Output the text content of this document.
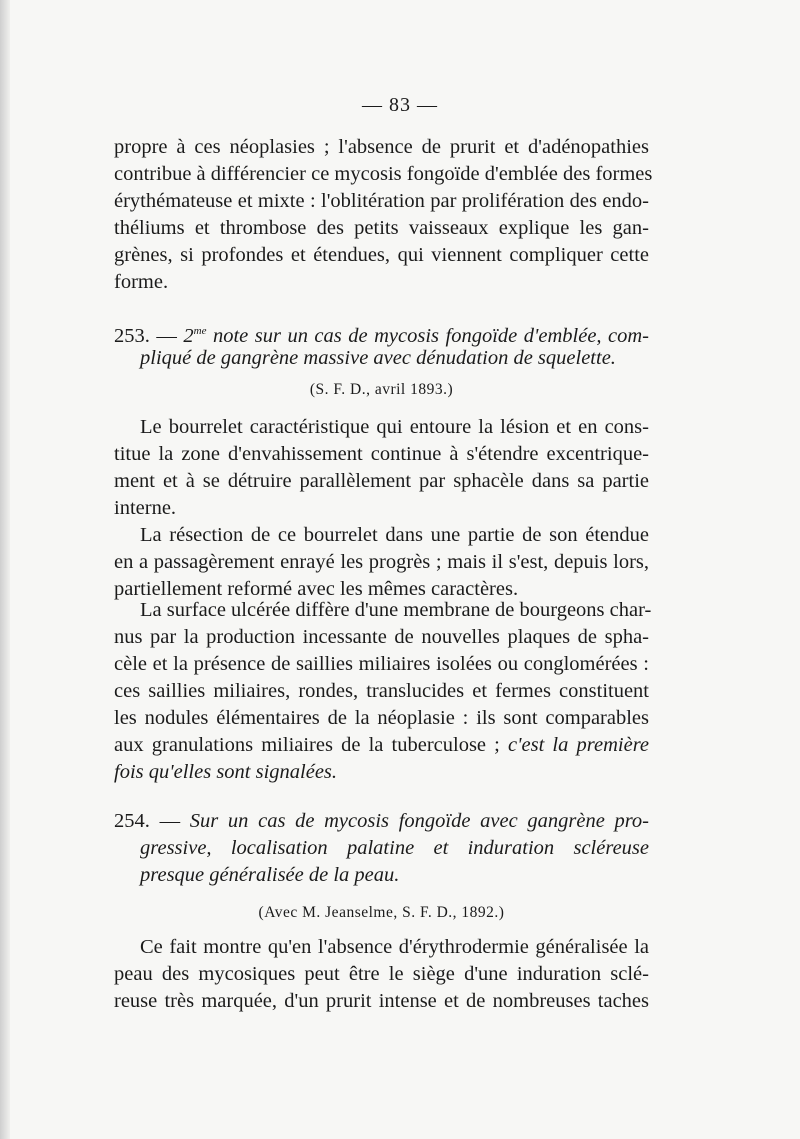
— 83 —
propre à ces néoplasies ; l'absence de prurit et d'adénopathies
contribue à différencier ce mycosis fongoïde d'emblée des formes
érythémateuse et mixte : l'oblitération par prolifération des endo-
théliums et thrombose des petits vaisseaux explique les gan-
grènes, si profondes et étendues, qui viennent compliquer cette
forme.
253. — $2^{me}$ note sur un cas de mycosis fongoïde d'emblée, com-
pliqué de gangrène massive avec dénudation de squelette.
(S. F. D., avril 1893.)
Le bourrelet caractéristique qui entoure la lésion et en cons-
titue la zone d'envahissement continue à s'étendre excentrique-
ment et à se détruire parallèlement par sphacèle dans sa partie
interne.
La résection de ce bourrelet dans une partie de son étendue
en a passagèrement enrayé les progrès ; mais il s'est, depuis lors,
partiellement reformé avec les mêmes caractères.
La surface ulcérée diffère d'une membrane de bourgeons char-
nus par la production incessante de nouvelles plaques de spha-
cèle et la présence de saillies miliaires isolées ou conglomérées :
ces saillies miliaires, rondes, translucides et fermes constituent
les nodules élémentaires de la néoplasie : ils sont comparables
aux granulations miliaires de la tuberculose ; c'est la première
fois qu'elles sont signalées.
254. — Sur un cas de mycosis fongoïde avec gangrène pro-
gressive, localisation palatine et induration scléreuse
presque généralisée de la peau.
(Avec M. Jeanselme, S. F. D., 1892.)
Ce fait montre qu'en l'absence d'érythrodermie généralisée la
peau des mycosiques peut être le siège d'une induration sclé-
reuse très marquée, d'un prurit intense et de nombreuses taches
